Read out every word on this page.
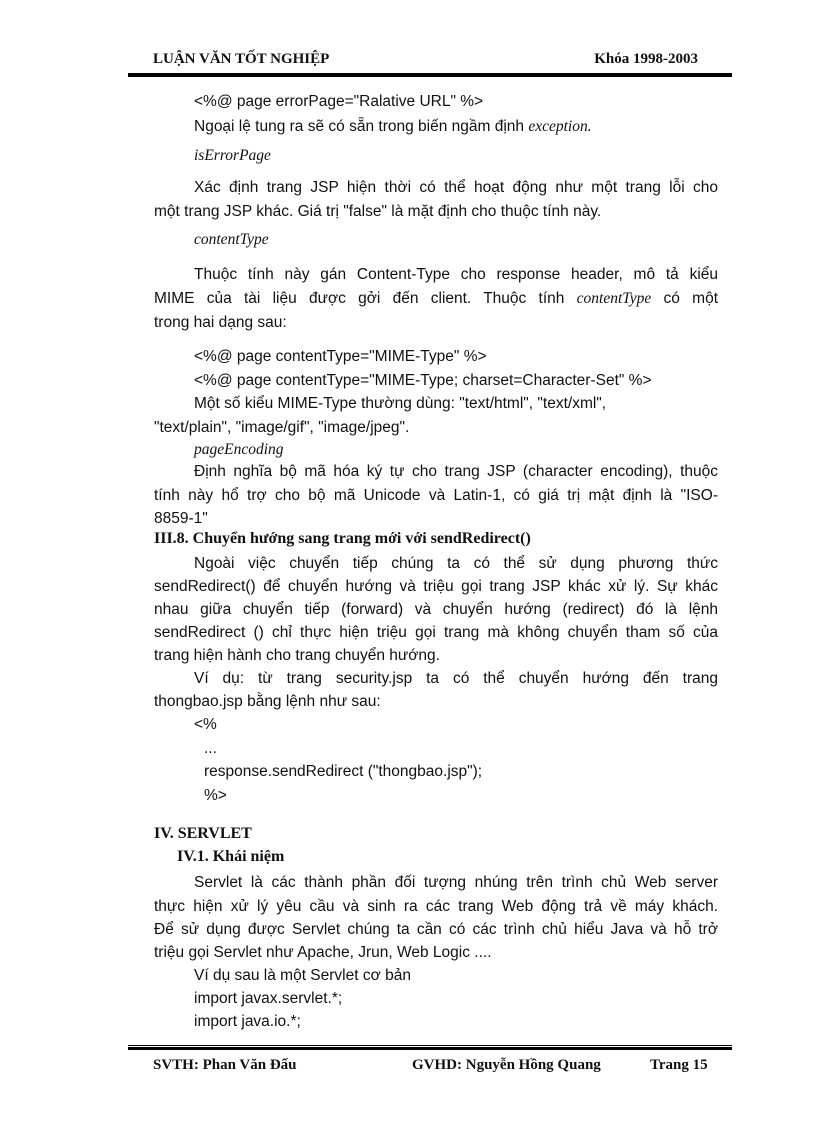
LUẬN VĂN TỐT NGHIỆP	Khóa 1998-2003
<%@ page errorPage="Ralative URL" %>
Ngoại lệ tung ra sẽ có sẵn trong biến ngầm định exception.
isErrorPage
Xác định trang JSP hiện thời có thể hoạt động như một trang lỗi cho
một trang JSP khác. Giá trị "false" là mặt định cho thuộc tính này.
contentType
Thuộc tính này gán Content-Type cho response header, mô tả kiểu
MIME của tài liệu được gởi đến client. Thuộc tính contentType có một
trong hai dạng sau:
<%@ page contentType="MIME-Type" %>
<%@ page contentType="MIME-Type; charset=Character-Set" %>
Một số kiểu MIME-Type thường dùng: "text/html", "text/xml",
"text/plain", "image/gif", "image/jpeg".
pageEncoding
Định nghĩa bộ mã hóa ký tự cho trang JSP (character encoding), thuộc
tính này hổ trợ cho bộ mã Unicode và Latin-1, có giá trị mật định là "ISO-
8859-1"
III.8. Chuyển hướng sang trang mới với sendRedirect()
Ngoài việc chuyển tiếp chúng ta có thể sử dụng phương thức
sendRedirect() để chuyển hướng và triệu gọi trang JSP khác xử lý. Sự khác
nhau giữa chuyển tiếp (forward) và chuyển hướng (redirect) đó là lệnh
sendRedirect () chỉ thực hiện triệu gọi trang mà không chuyển tham số của
trang hiện hành cho trang chuyển hướng.
Ví dụ: từ trang security.jsp ta có thể chuyển hướng đến trang
thongbao.jsp bằng lệnh như sau:
<%
...
response.sendRedirect ("thongbao.jsp");
%>
IV. SERVLET
IV.1. Khái niệm
Servlet là các thành phần đối tượng nhúng trên trình chủ Web server
thực hiện xử lý yêu cầu và sinh ra các trang Web động trả về máy khách.
Để sử dụng được Servlet chúng ta cần có các trình chủ hiểu Java và hỗ trở
triệu gọi Servlet như Apache, Jrun, Web Logic ....
Ví dụ sau là một Servlet cơ bản
import javax.servlet.*;
import java.io.*;
SVTH: Phan Văn Đấu	GVHD: Nguyễn Hồng Quang	Trang 15
